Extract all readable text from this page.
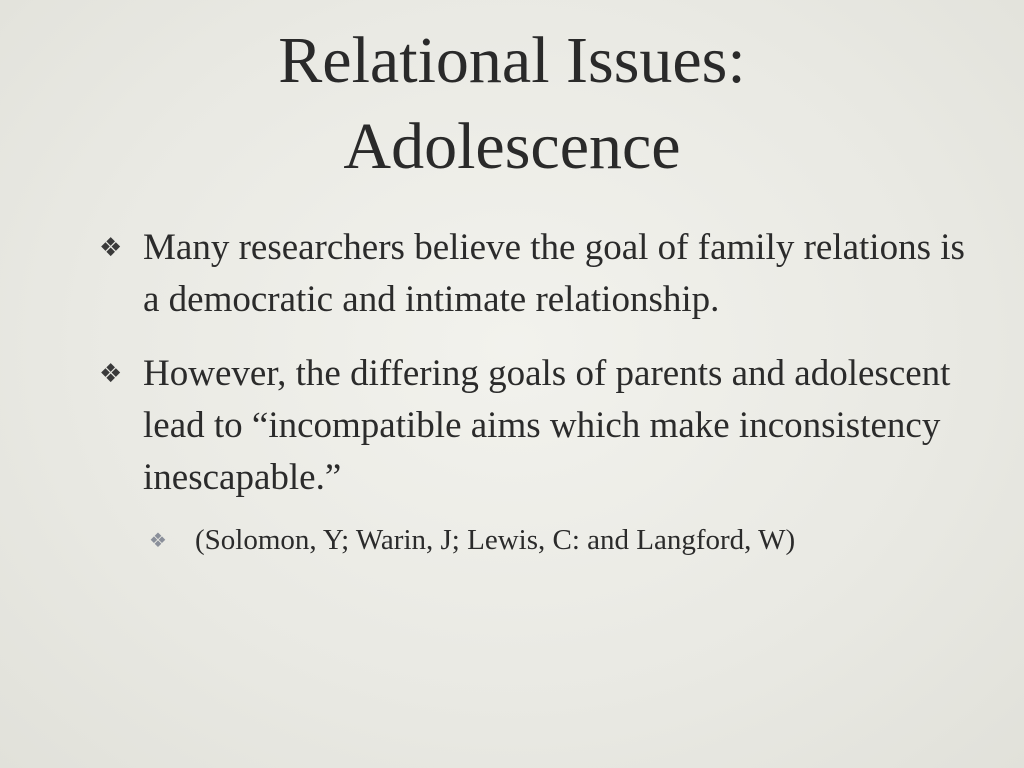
Relational Issues:
Adolescence
❖ Many researchers believe the goal of family relations is a democratic and intimate relationship.
❖ However, the differing goals of parents and adolescent lead to “incompatible aims which make inconsistency inescapable.”
❖ (Solomon, Y; Warin, J; Lewis, C: and Langford, W)
